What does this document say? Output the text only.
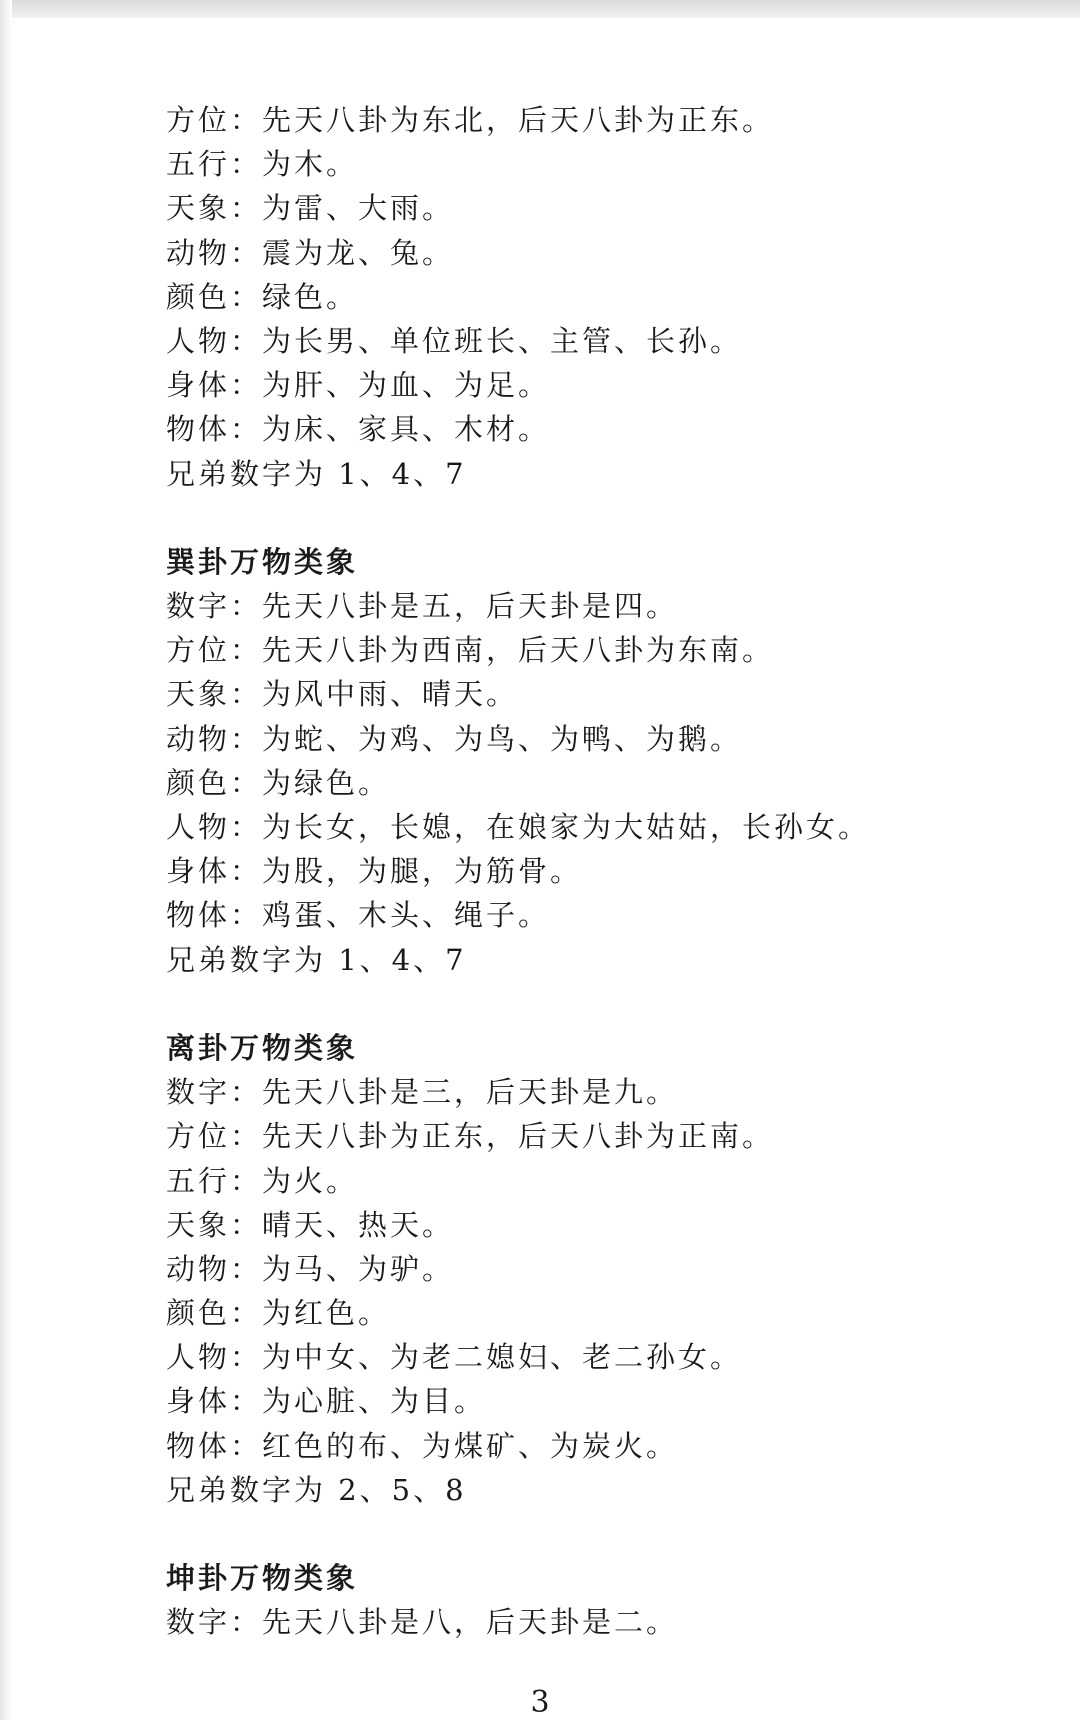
方位：先天八卦为东北，后天八卦为正东。
五行：为木。
天象：为雷、大雨。
动物：震为龙、兔。
颜色：绿色。
人物：为长男、单位班长、主管、长孙。
身体：为肝、为血、为足。
物体：为床、家具、木材。
兄弟数字为 1、4、7
巽卦万物类象
数字：先天八卦是五，后天卦是四。
方位：先天八卦为西南，后天八卦为东南。
天象：为风中雨、晴天。
动物：为蛇、为鸡、为鸟、为鸭、为鹅。
颜色：为绿色。
人物：为长女，长媳，在娘家为大姑姑，长孙女。
身体：为股，为腿，为筋骨。
物体：鸡蛋、木头、绳子。
兄弟数字为 1、4、7
离卦万物类象
数字：先天八卦是三，后天卦是九。
方位：先天八卦为正东，后天八卦为正南。
五行：为火。
天象：晴天、热天。
动物：为马、为驴。
颜色：为红色。
人物：为中女、为老二媳妇、老二孙女。
身体：为心脏、为目。
物体：红色的布、为煤矿、为炭火。
兄弟数字为 2、5、8
坤卦万物类象
数字：先天八卦是八，后天卦是二。
3
